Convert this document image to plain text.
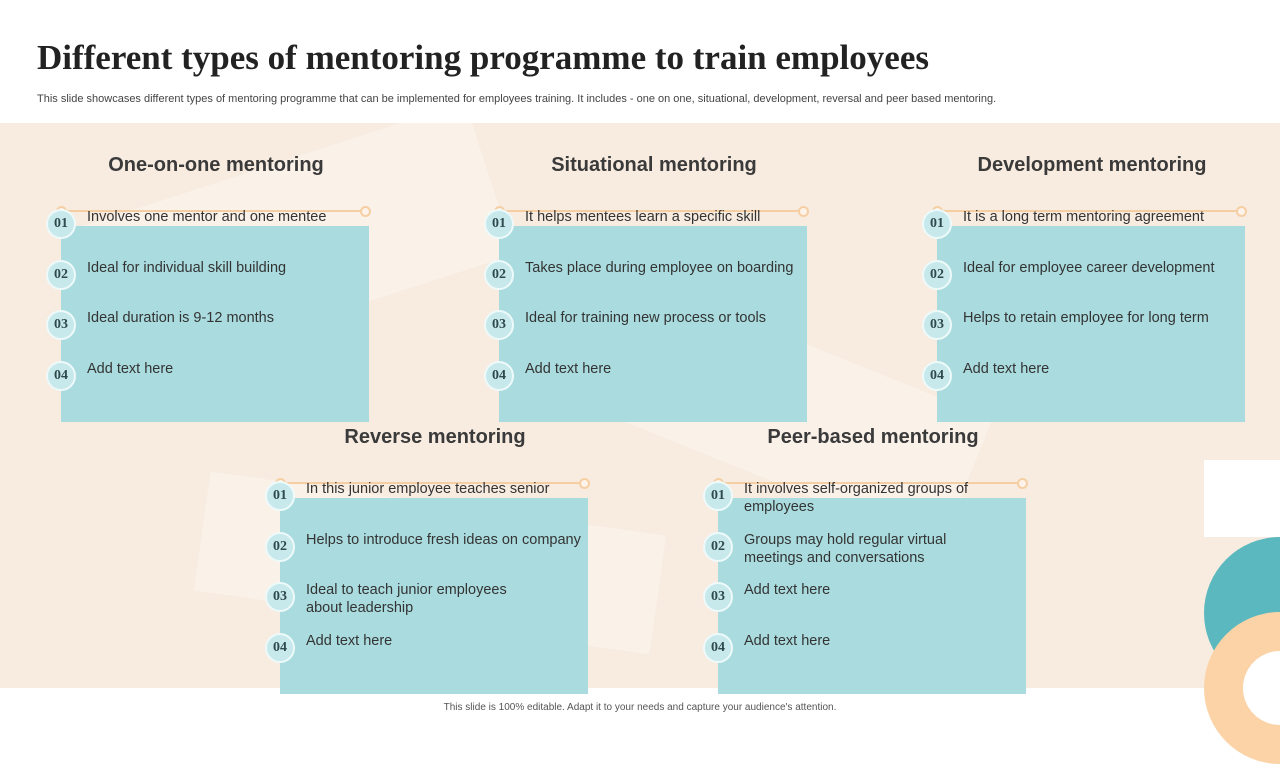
Different types of mentoring programme to train employees
This slide showcases different types of mentoring programme that can be implemented for employees training. It includes - one on one, situational, development, reversal and peer based mentoring.
One-on-one mentoring
01	Involves one mentor and one mentee
02	Ideal for individual skill building
03	Ideal duration is 9-12 months
04	Add text here
Situational mentoring
01	It helps mentees learn a specific skill
02	Takes place during employee on boarding
03	Ideal for training new process or tools
04	Add text here
Development mentoring
01	It is a long term mentoring agreement
02	Ideal for employee career development
03	Helps to retain employee for long term
04	Add text here
Reverse mentoring
01	In this junior employee teaches senior
02	Helps to introduce fresh ideas on company
03	Ideal to teach junior employees about leadership
04	Add text here
Peer-based mentoring
01	It involves self-organized groups of employees
02	Groups may hold regular virtual meetings and conversations
03	Add text here
04	Add text here
This slide is 100% editable. Adapt it to your needs and capture your audience's attention.
